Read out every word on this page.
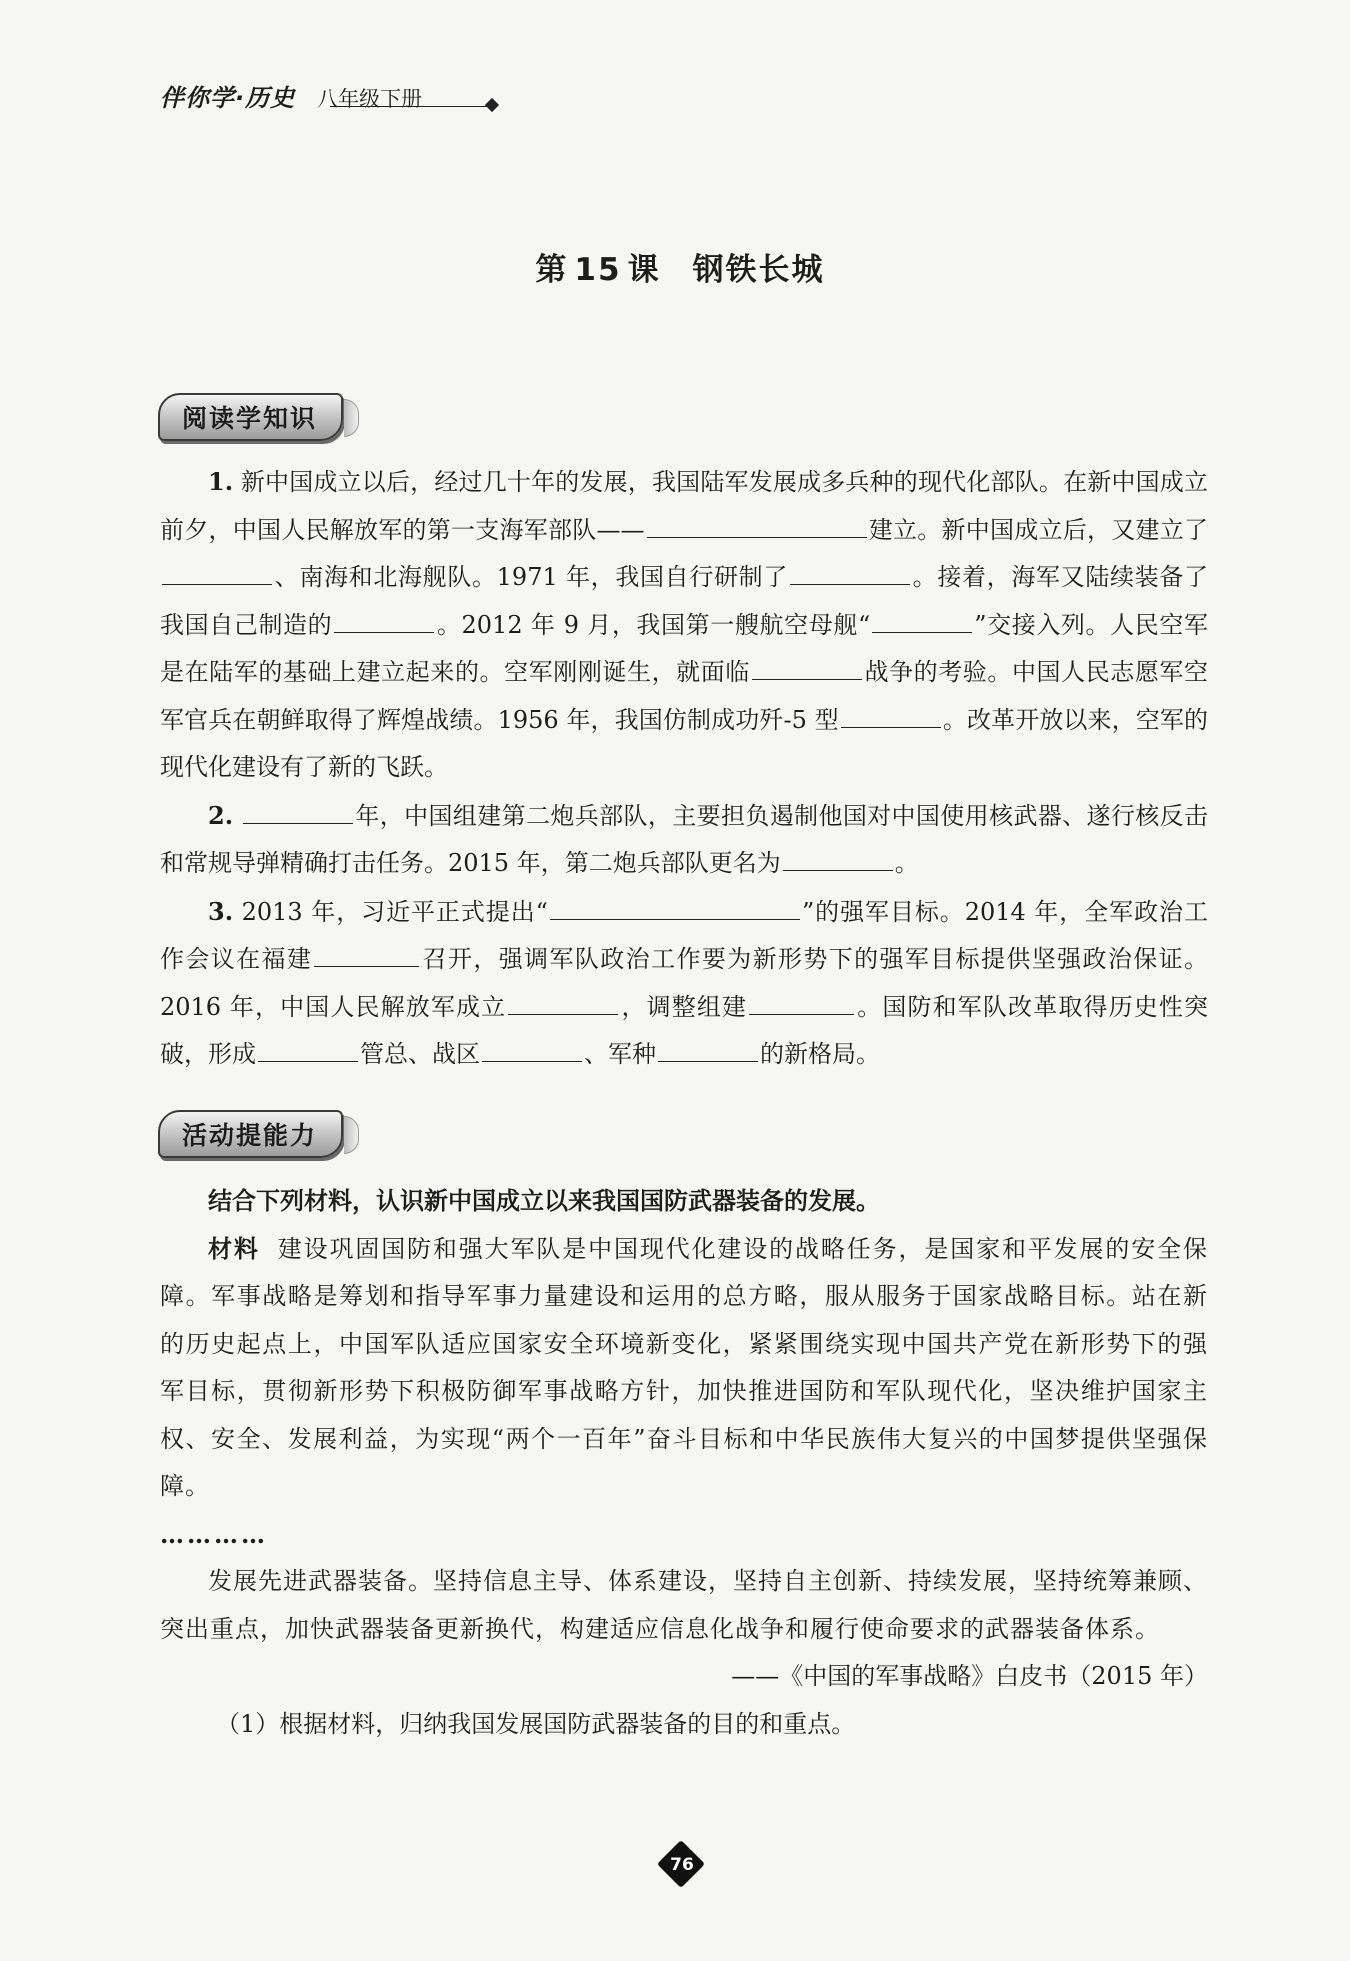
伴你学·历史 八年级下册
第 15 课 钢铁长城
阅读学知识

1. 新中国成立以后，经过几十年的发展，我国陆军发展成多兵种的现代化部队。在新中国成立前夕，中国人民解放军的第一支海军部队——	建立。新中国成立后，又建立了、南海和北海舰队。1971 年，我国自行研制了	。接着，海军又陆续装备了我国自己制造的	。2012 年 9 月，我国第一艘航空母舰“	”交接入列。人民空军是在陆军的基础上建立起来的。空军刚刚诞生，就面临	战争的考验。中国人民志愿军空军官兵在朝鲜取得了辉煌战绩。1956 年，我国仿制成功歼-5 型	。改革开放以来，空军的现代化建设有了新的飞跃。

2.	年，中国组建第二炮兵部队，主要担负遏制他国对中国使用核武器、遂行核反击和常规导弹精确打击任务。2015 年，第二炮兵部队更名为	。

3. 2013 年，习近平正式提出“	”的强军目标。2014 年，全军政治工作会议在福建	召开，强调军队政治工作要为新形势下的强军目标提供坚强政治保证。2016 年，中国人民解放军成立	，调整组建	。国防和军队改革取得历史性突破，形成	管总、战区	、军种	的新格局。

活动提能力

结合下列材料，认识新中国成立以来我国国防武器装备的发展。

材料 建设巩固国防和强大军队是中国现代化建设的战略任务，是国家和平发展的安全保障。军事战略是筹划和指导军事力量建设和运用的总方略，服从服务于国家战略目标。站在新的历史起点上，中国军队适应国家安全环境新变化，紧紧围绕实现中国共产党在新形势下的强军目标，贯彻新形势下积极防御军事战略方针，加快推进国防和军队现代化，坚决维护国家主权、安全、发展利益，为实现“两个一百年”奋斗目标和中华民族伟大复兴的中国梦提供坚强保障。

…………

发展先进武器装备。坚持信息主导、体系建设，坚持自主创新、持续发展，坚持统筹兼顾、突出重点，加快武器装备更新换代，构建适应信息化战争和履行使命要求的武器装备体系。

——《中国的军事战略》白皮书（2015 年）

（1）根据材料，归纳我国发展国防武器装备的目的和重点。

76
